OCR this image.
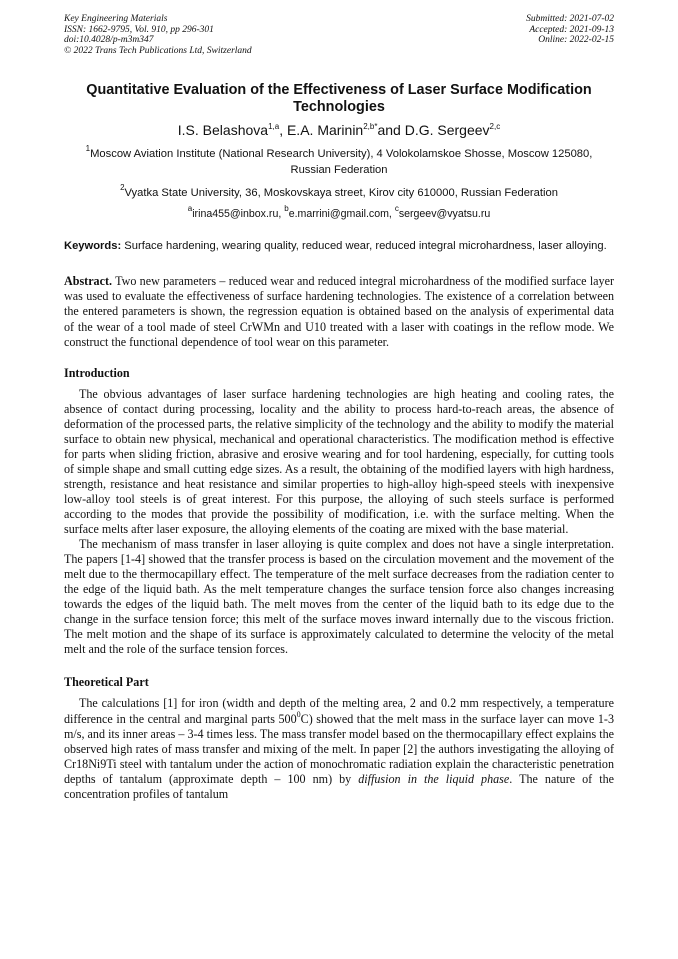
Key Engineering Materials
ISSN: 1662-9795, Vol. 910, pp 296-301
doi:10.4028/p-m3m347
© 2022 Trans Tech Publications Ltd, Switzerland
Submitted: 2021-07-02
Accepted: 2021-09-13
Online: 2022-02-15
Quantitative Evaluation of the Effectiveness of Laser Surface Modification Technologies
I.S. Belashova$^{1,a}$, E.A. Marinin$^{2,b*}$and D.G. Sergeev$^{2,c}$
$^1$Moscow Aviation Institute (National Research University), 4 Volokolamskoe Shosse, Moscow 125080, Russian Federation
$^2$Vyatka State University, 36, Moskovskaya street, Kirov city 610000, Russian Federation
$^a$irina455@inbox.ru, $^b$e.marrini@gmail.com, $^c$sergeev@vyatsu.ru
Keywords: Surface hardening, wearing quality, reduced wear, reduced integral microhardness, laser alloying.
Abstract. Two new parameters – reduced wear and reduced integral microhardness of the modified surface layer was used to evaluate the effectiveness of surface hardening technologies. The existence of a correlation between the entered parameters is shown, the regression equation is obtained based on the analysis of experimental data of the wear of a tool made of steel CrWMn and U10 treated with a laser with coatings in the reflow mode. We construct the functional dependence of tool wear on this parameter.
Introduction

The obvious advantages of laser surface hardening technologies are high heating and cooling rates, the absence of contact during processing, locality and the ability to process hard-to-reach areas, the absence of deformation of the processed parts, the relative simplicity of the technology and the ability to modify the material surface to obtain new physical, mechanical and operational characteristics. The modification method is effective for parts when sliding friction, abrasive and erosive wearing and for tool hardening, especially, for cutting tools of simple shape and small cutting edge sizes. As a result, the obtaining of the modified layers with high hardness, strength, resistance and heat resistance and similar properties to high-alloy high-speed steels with inexpensive low-alloy tool steels is of great interest. For this purpose, the alloying of such steels surface is performed according to the modes that provide the possibility of modification, i.e. with the surface melting. When the surface melts after laser exposure, the alloying elements of the coating are mixed with the base material.

The mechanism of mass transfer in laser alloying is quite complex and does not have a single interpretation. The papers [1-4] showed that the transfer process is based on the circulation movement and the movement of the melt due to the thermocapillary effect. The temperature of the melt surface decreases from the radiation center to the edge of the liquid bath. As the melt temperature changes the surface tension force also changes increasing towards the edges of the liquid bath. The melt moves from the center of the liquid bath to its edge due to the change in the surface tension force; this melt of the surface moves inward internally due to the viscous friction. The melt motion and the shape of its surface is approximately calculated to determine the velocity of the metal melt and the role of the surface tension forces.

Theoretical Part

The calculations [1] for iron (width and depth of the melting area, 2 and 0.2 mm respectively, a temperature difference in the central and marginal parts $500^0C$) showed that the melt mass in the surface layer can move 1-3 m/s, and its inner areas – 3-4 times less. The mass transfer model based on the thermocapillary effect explains the observed high rates of mass transfer and mixing of the melt. In paper [2] the authors investigating the alloying of Cr18Ni9Ti steel with tantalum under the action of monochromatic radiation explain the characteristic penetration depths of tantalum (approximate depth – 100 nm) by diffusion in the liquid phase. The nature of the concentration profiles of tantalum
